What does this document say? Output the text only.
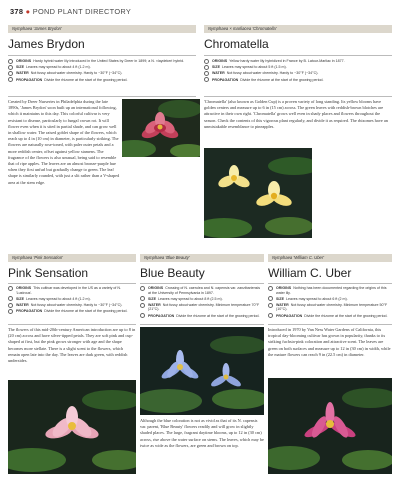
378 ● POND PLANT DIRECTORY
Nymphaea 'James Brydon'
James Brydon
ORIGINS Hardy hybrid water lily introduced in the United States by Dreer in 1899; a N. ×laydekeri hybrid.
SIZE Leaves may spread to about 4 ft (1.2 m).
WATER Not fussy about water chemistry. Hardy to −30°F (−34°C).
PROPAGATION Divide the rhizome at the start of the growing period.
Created by Dreer Nurseries in Philadelphia during the late 1890s, 'James Brydon' soon built up an international following, which it maintains to this day. This colorful cultivar is very resistant to disease, particularly to fungal crown rot. It will flower even when it is sited in partial shade, and can grow well in shallow water. The raised goblet shape of the flowers, which reach up to 4 in (10 cm) in diameter, is particularly striking. The flowers are naturally rose-toned, with paler outer petals and a more reddish center, offset against yellow stamens. The fragrance of the flowers is also unusual, being said to resemble that of ripe apples. The leaves are an almost bronze-purple hue when they first unfurl but gradually change to green. The leaf shape is similarly rounded, with just a slit rather than a V-shaped area at the stem edge.
Nymphaea × marliacea 'Chromatella'
Chromatella
ORIGINS Yellow hardy water lily hybridized in France by B. Latour-Marliac in 1877.
SIZE Leaves may spread to about 5 ft (1.5 m).
WATER Not fussy about water chemistry. Hardy to −30°F (−34°C).
PROPAGATION Divide the rhizome at the start of the growing period.
'Chromatella' (also known as Golden Cup) is a proven variety of long standing. Its yellow blooms have golden centers and measure up to 6 in (15 cm) across. The green leaves with reddish-brown blotches are attractive in their own right. 'Chromatella' grows well even in shady places and flowers throughout the season. Check the contents of this vigorous plant regularly, and divide it as required. The rhizomes have an unmistakable resemblance to pineapples.
Nymphaea 'Pink Sensation'	Nymphaea 'Blue Beauty'	Nymphaea 'William C. Uber'
Pink Sensation
ORIGINS This cultivar was developed in the US as a variety of N. 'Lustrous'.
SIZE Leaves may spread to about 4 ft (1.2 m).
WATER Not fussy about water chemistry. Hardy to −30°F (−34°C).
PROPAGATION Divide the rhizome at the start of the growing period.
The flowers of this mid-20th-century American introduction are up to 8 in (20 cm) across and have silver-tipped petals. They are soft pink and cup-shaped at first, but the pink grows stronger with age and the shape becomes more stellate. There is a slight scent to the flowers, which remain open late into the day. The leaves are dark green, with reddish undersides.
Blue Beauty
ORIGINS Crossing of N. caerulea and N. capensis var. zanzibariensis at the University of Pennsylvania in 1897.
SIZE Leaves may spread to about 8 ft (2.5 m).
WATER Not fussy about water chemistry. Minimum temperature 70°F (21°C).
PROPAGATION Divide the rhizome at the start of the growing period.
Although the blue coloration is not as vivid as that of its N. capensis var. parent, 'Blue Beauty' flowers readily and will grow in slightly shaded places. The large, fragrant daytime blooms, up to 12 in (30 cm) across, rise above the water surface on stems. The leaves, which may be twice as wide as the flowers, are green and brown on top.
William C. Uber
ORIGINS Nothing has been documented regarding the origins of this water lily.
SIZE Leaves may spread to about 6 ft (2 m).
WATER Not fussy about water chemistry. Minimum temperature 50°F (10°C).
PROPAGATION Divide the rhizome at the start of the growing period.
Introduced in 1970 by Van Ness Water Gardens of California, this tropical day-blooming cultivar has grown in popularity, thanks to its striking fuchsia-pink coloration and attractive scent. The leaves are green on both surfaces and measure up to 12 in (30 cm) in width, while the mature flowers can reach 9 in (22.5 cm) in diameter.
